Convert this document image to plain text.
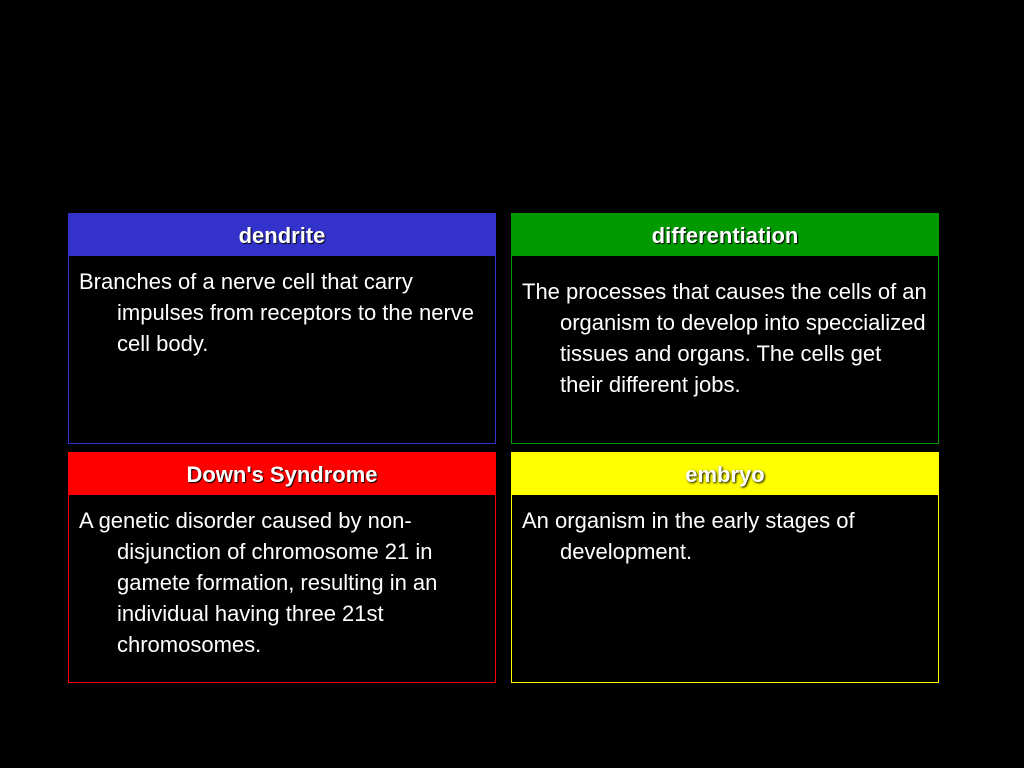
dendrite

Branches of a nerve cell that carry impulses from receptors to the nerve cell body.

differentiation

The processes that causes the cells of an organism to develop into speccialized tissues and organs. The cells get their different jobs.

Down's Syndrome

A genetic disorder caused by non-disjunction of chromosome 21 in gamete formation, resulting in an individual having three 21st chromosomes.

embryo

An organism in the early stages of development.
